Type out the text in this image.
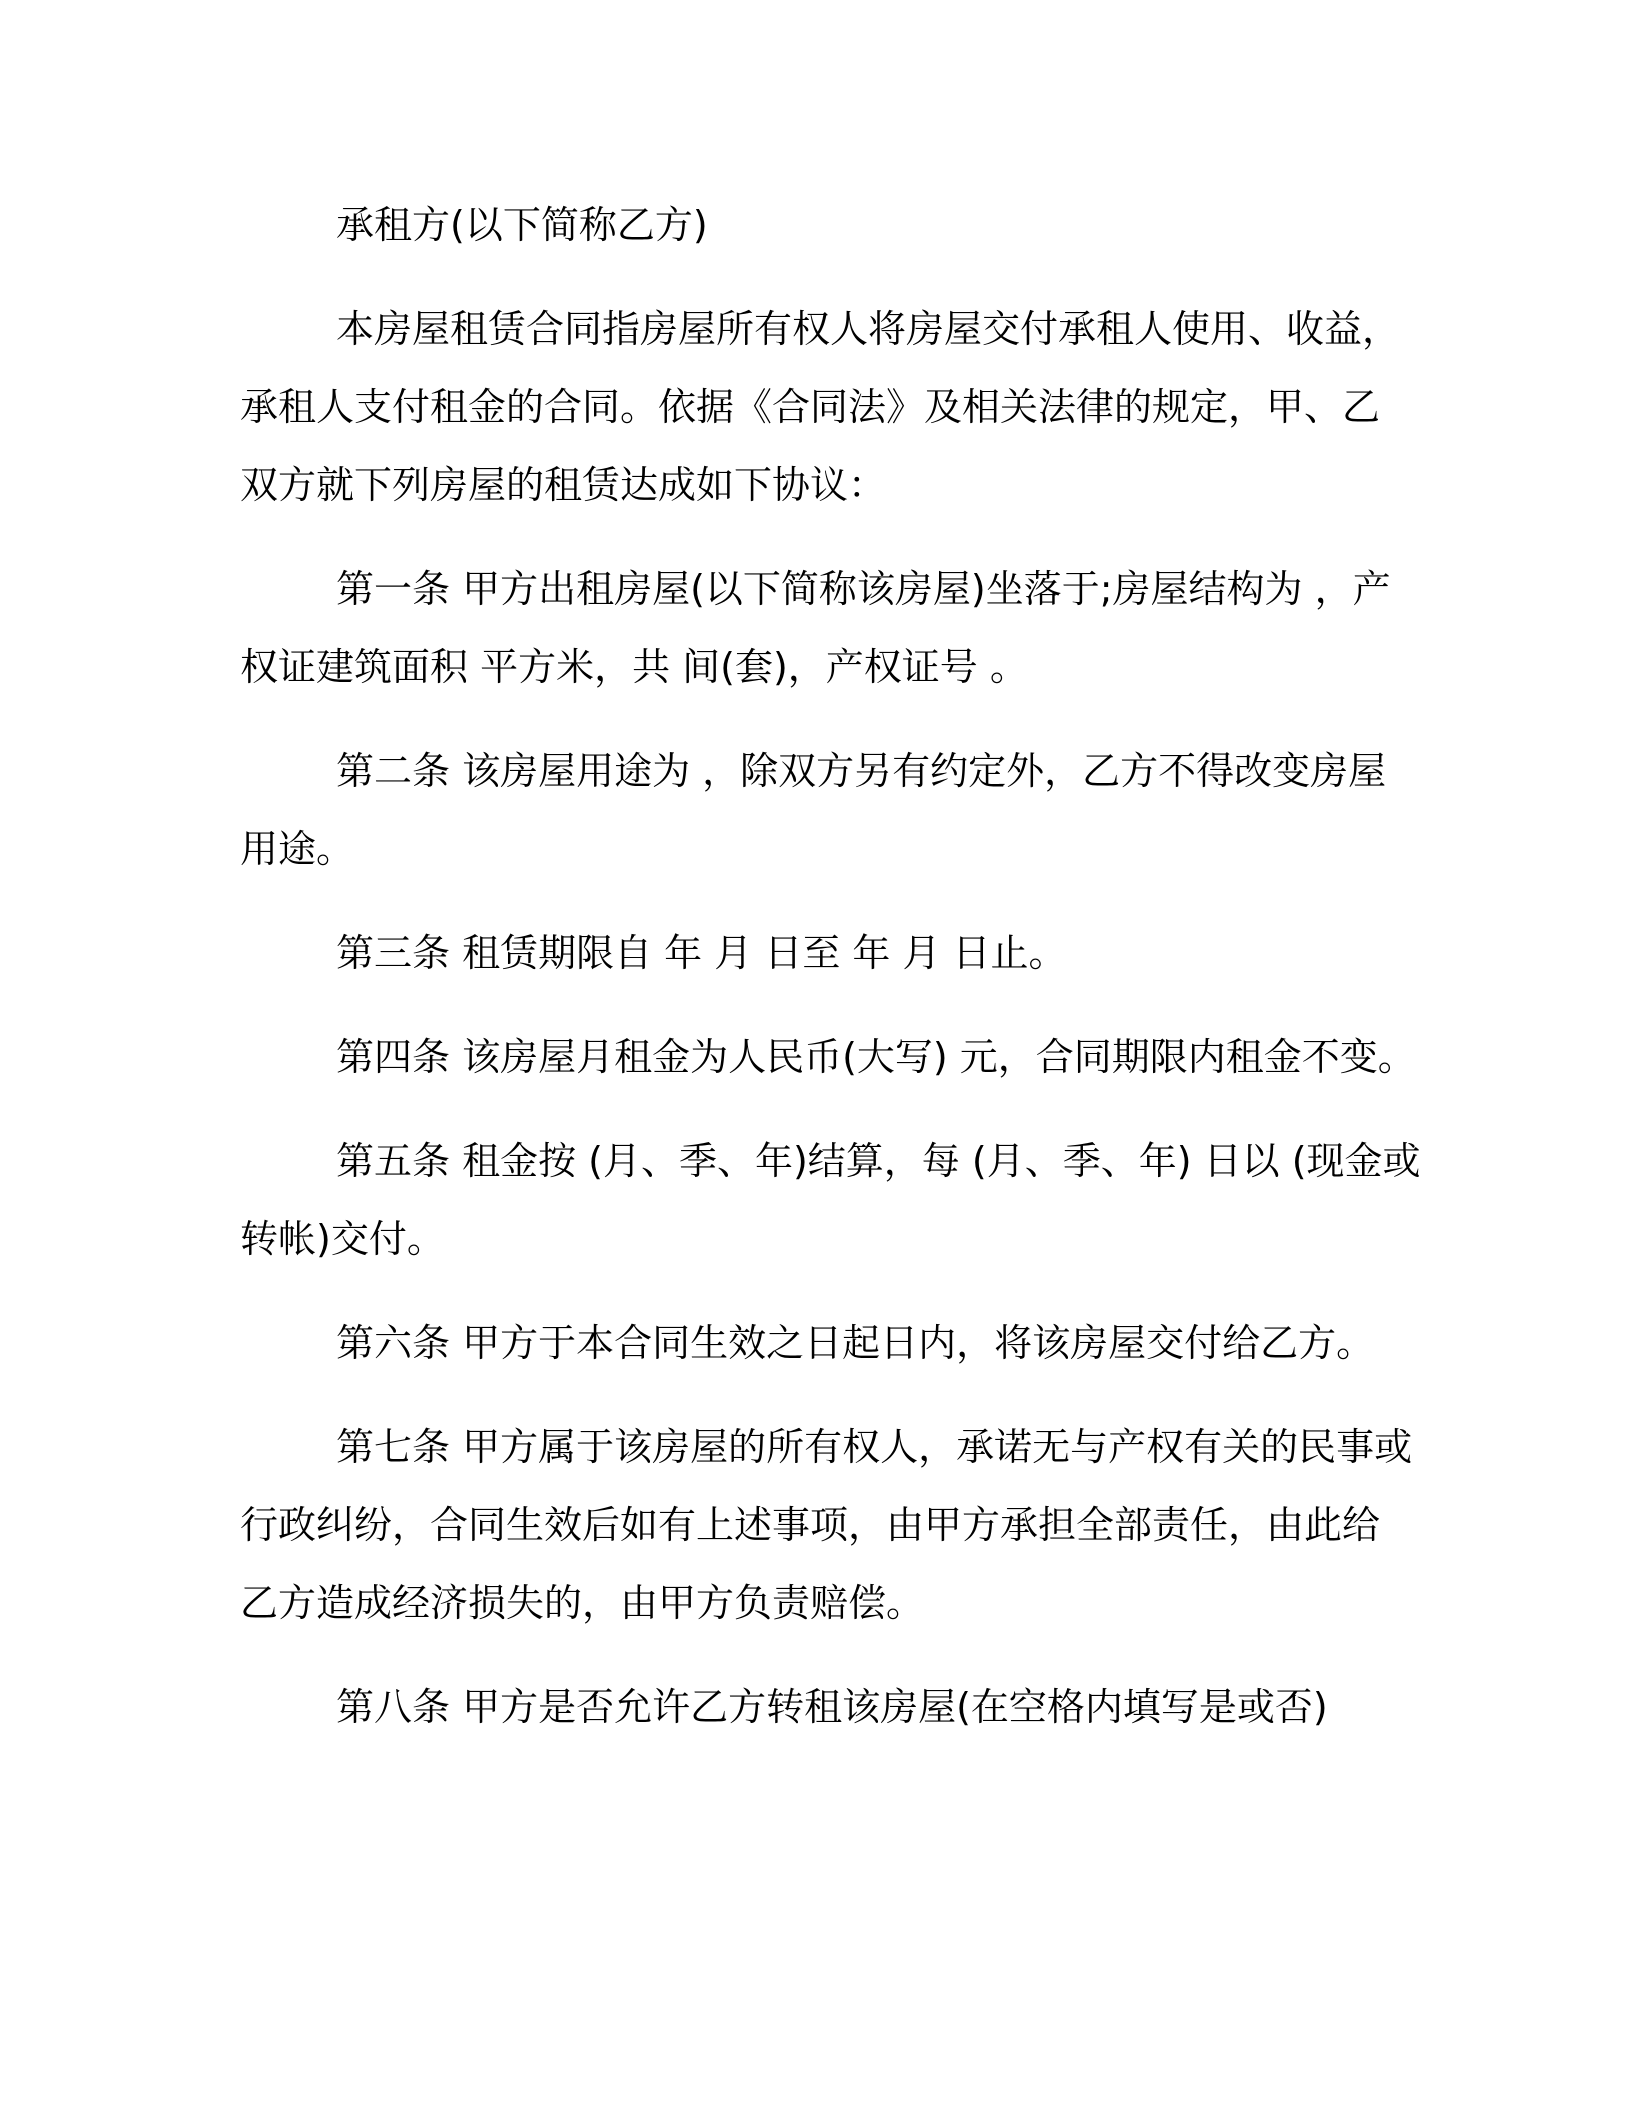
承租方(以下简称乙方)
本房屋租赁合同指房屋所有权人将房屋交付承租人使用、收益，
承租人支付租金的合同。依据《合同法》及相关法律的规定，甲、乙
双方就下列房屋的租赁达成如下协议：
第一条 甲方出租房屋(以下简称该房屋)坐落于;房屋结构为 ，产
权证建筑面积 平方米，共 间(套)，产权证号 。
第二条 该房屋用途为 ，除双方另有约定外，乙方不得改变房屋
用途。
第三条 租赁期限自 年 月 日至 年 月 日止。
第四条 该房屋月租金为人民币(大写) 元，合同期限内租金不变。
第五条 租金按 (月、季、年)结算，每 (月、季、年) 日以 (现金或
转帐)交付。
第六条 甲方于本合同生效之日起日内，将该房屋交付给乙方。
第七条 甲方属于该房屋的所有权人，承诺无与产权有关的民事或
行政纠纷，合同生效后如有上述事项，由甲方承担全部责任，由此给
乙方造成经济损失的，由甲方负责赔偿。
第八条 甲方是否允许乙方转租该房屋(在空格内填写是或否)
